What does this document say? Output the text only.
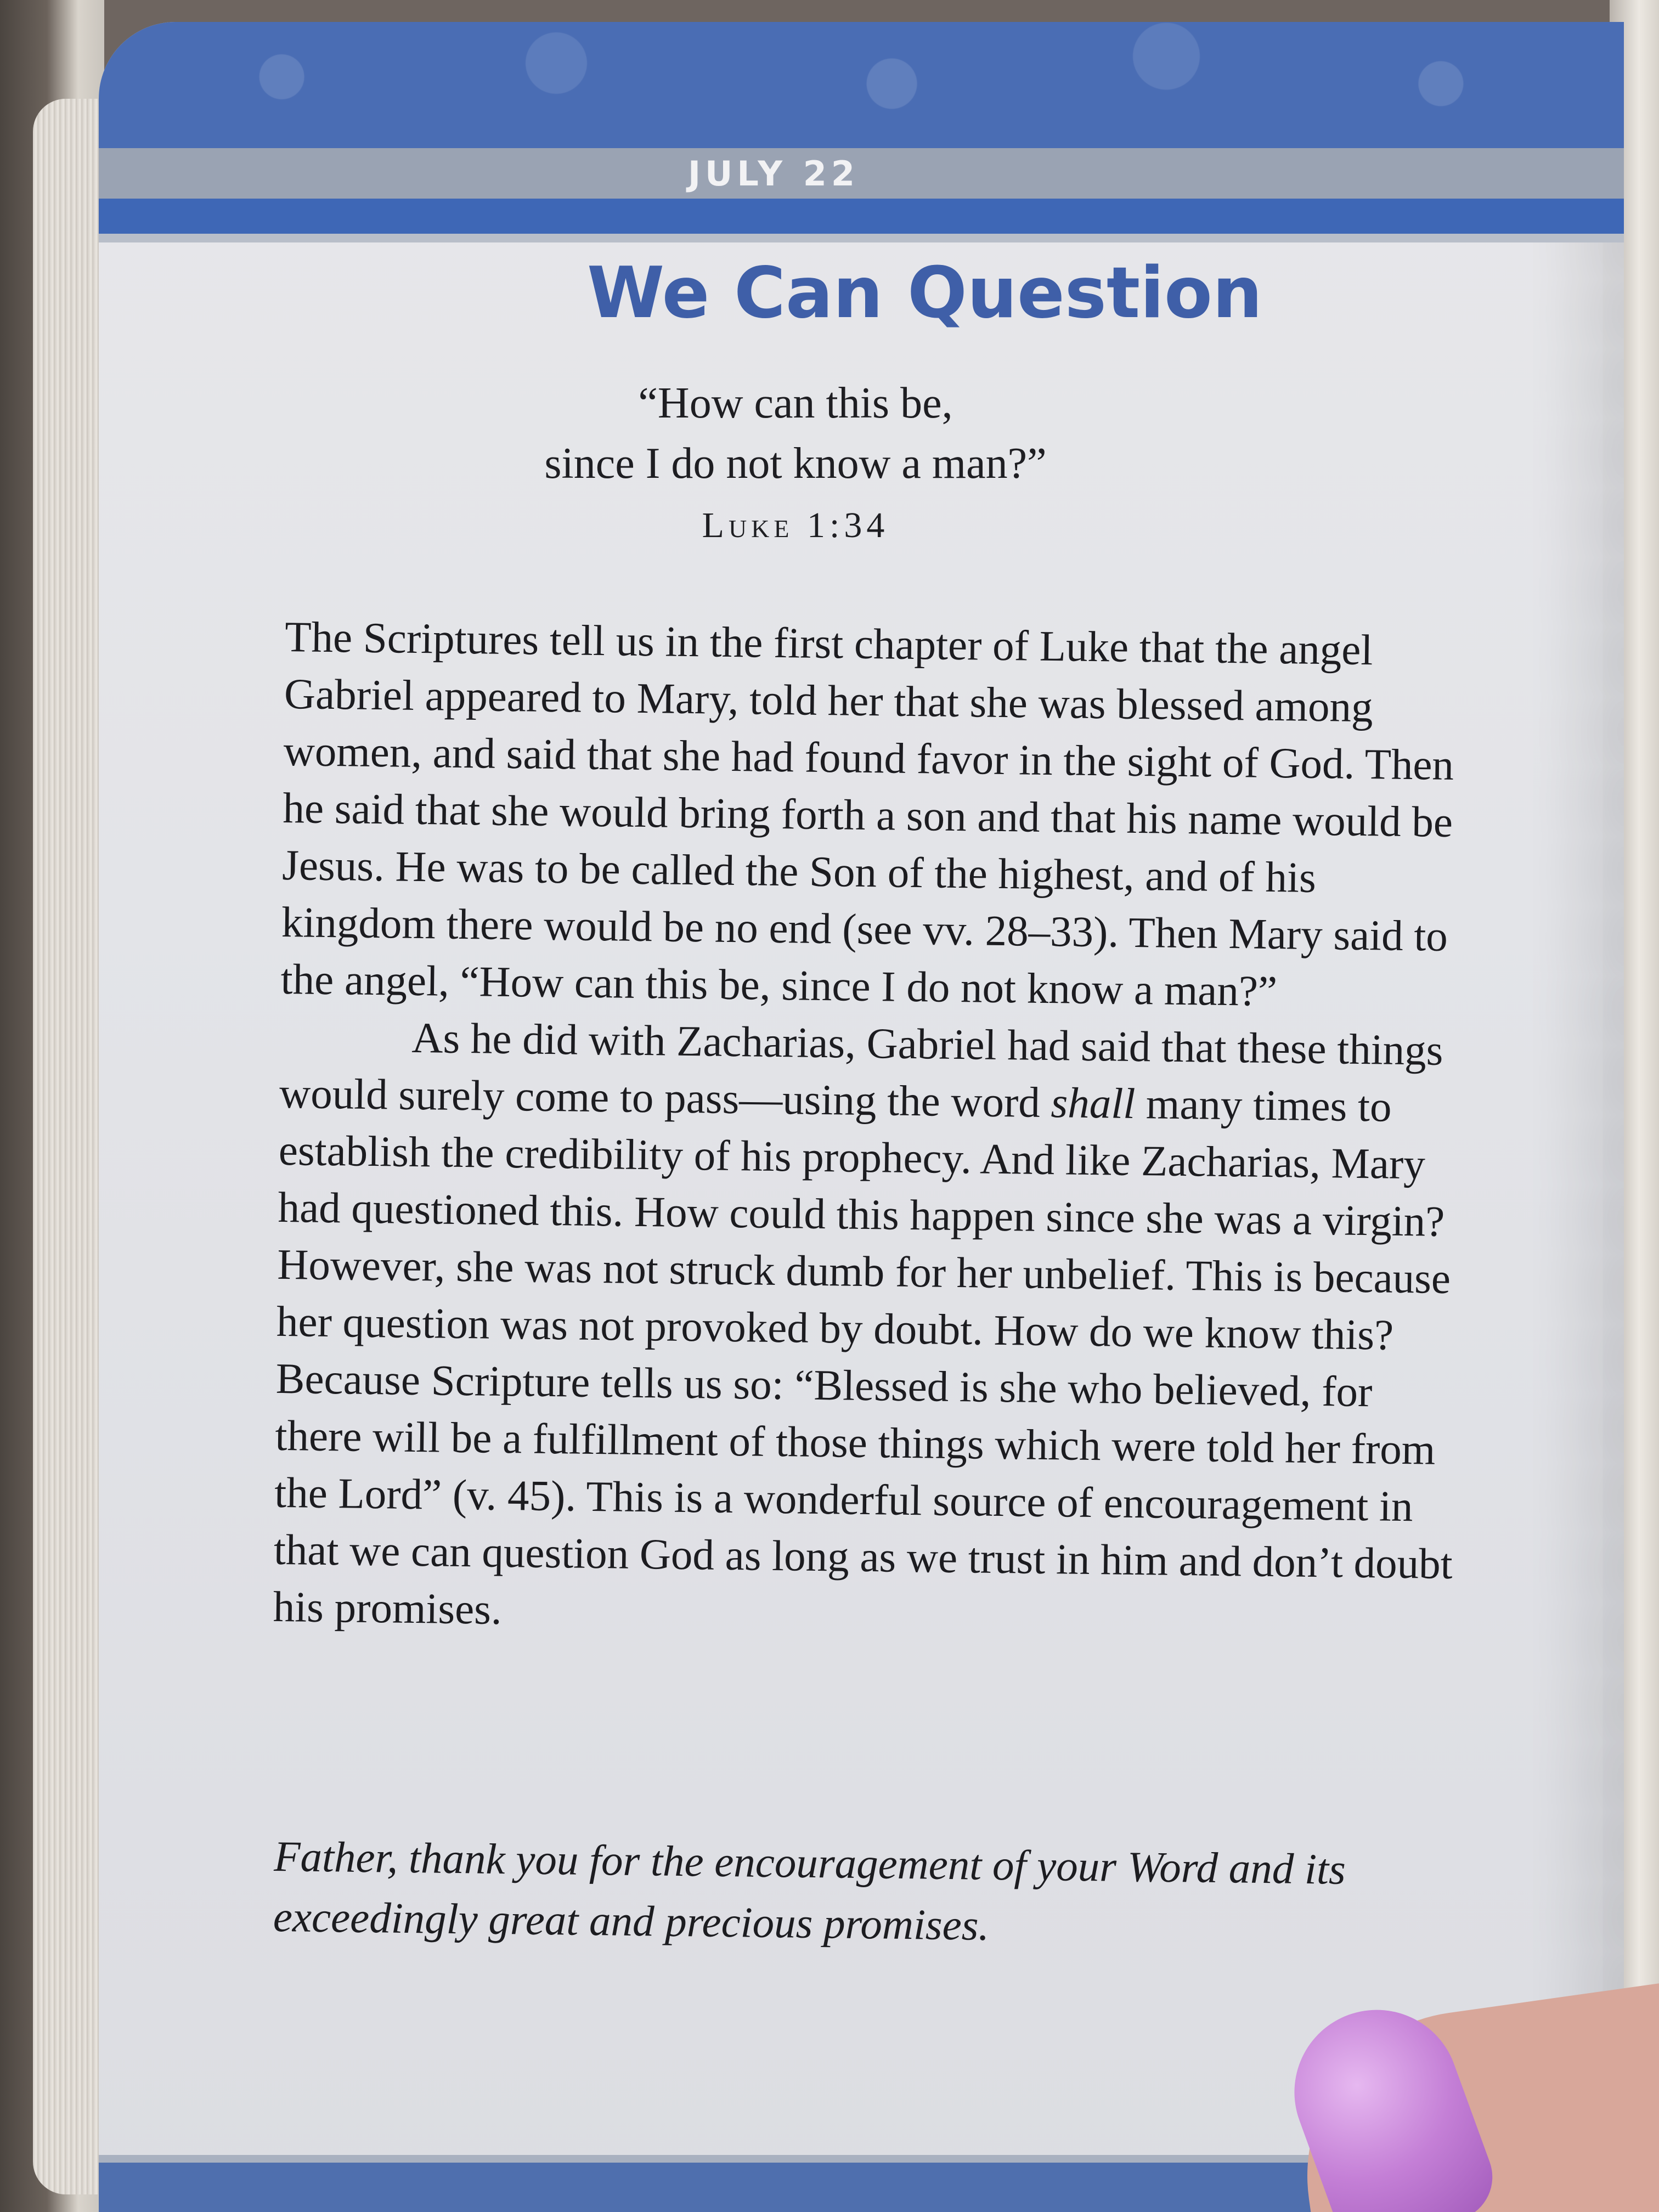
JULY 22
We Can Question
“How can this be,
since I do not know a man?”
Luke 1:34

The Scriptures tell us in the first chapter of Luke that the angel Gabriel appeared to Mary, told her that she was blessed among women, and said that she had found favor in the sight of God. Then he said that she would bring forth a son and that his name would be Jesus. He was to be called the Son of the highest, and of his kingdom there would be no end (see vv. 28–33). Then Mary said to the angel, “How can this be, since I do not know a man?”

As he did with Zacharias, Gabriel had said that these things would surely come to pass—using the word shall many times to establish the credibility of his prophecy. And like Zacharias, Mary had questioned this. How could this happen since she was a virgin? However, she was not struck dumb for her unbelief. This is because her question was not provoked by doubt. How do we know this? Because Scripture tells us so: “Blessed is she who believed, for there will be a fulfillment of those things which were told her from the Lord” (v. 45). This is a wonderful source of encouragement in that we can question God as long as we trust in him and don’t doubt his promises.

Father, thank you for the encouragement of your Word and its exceedingly great and precious promises.
